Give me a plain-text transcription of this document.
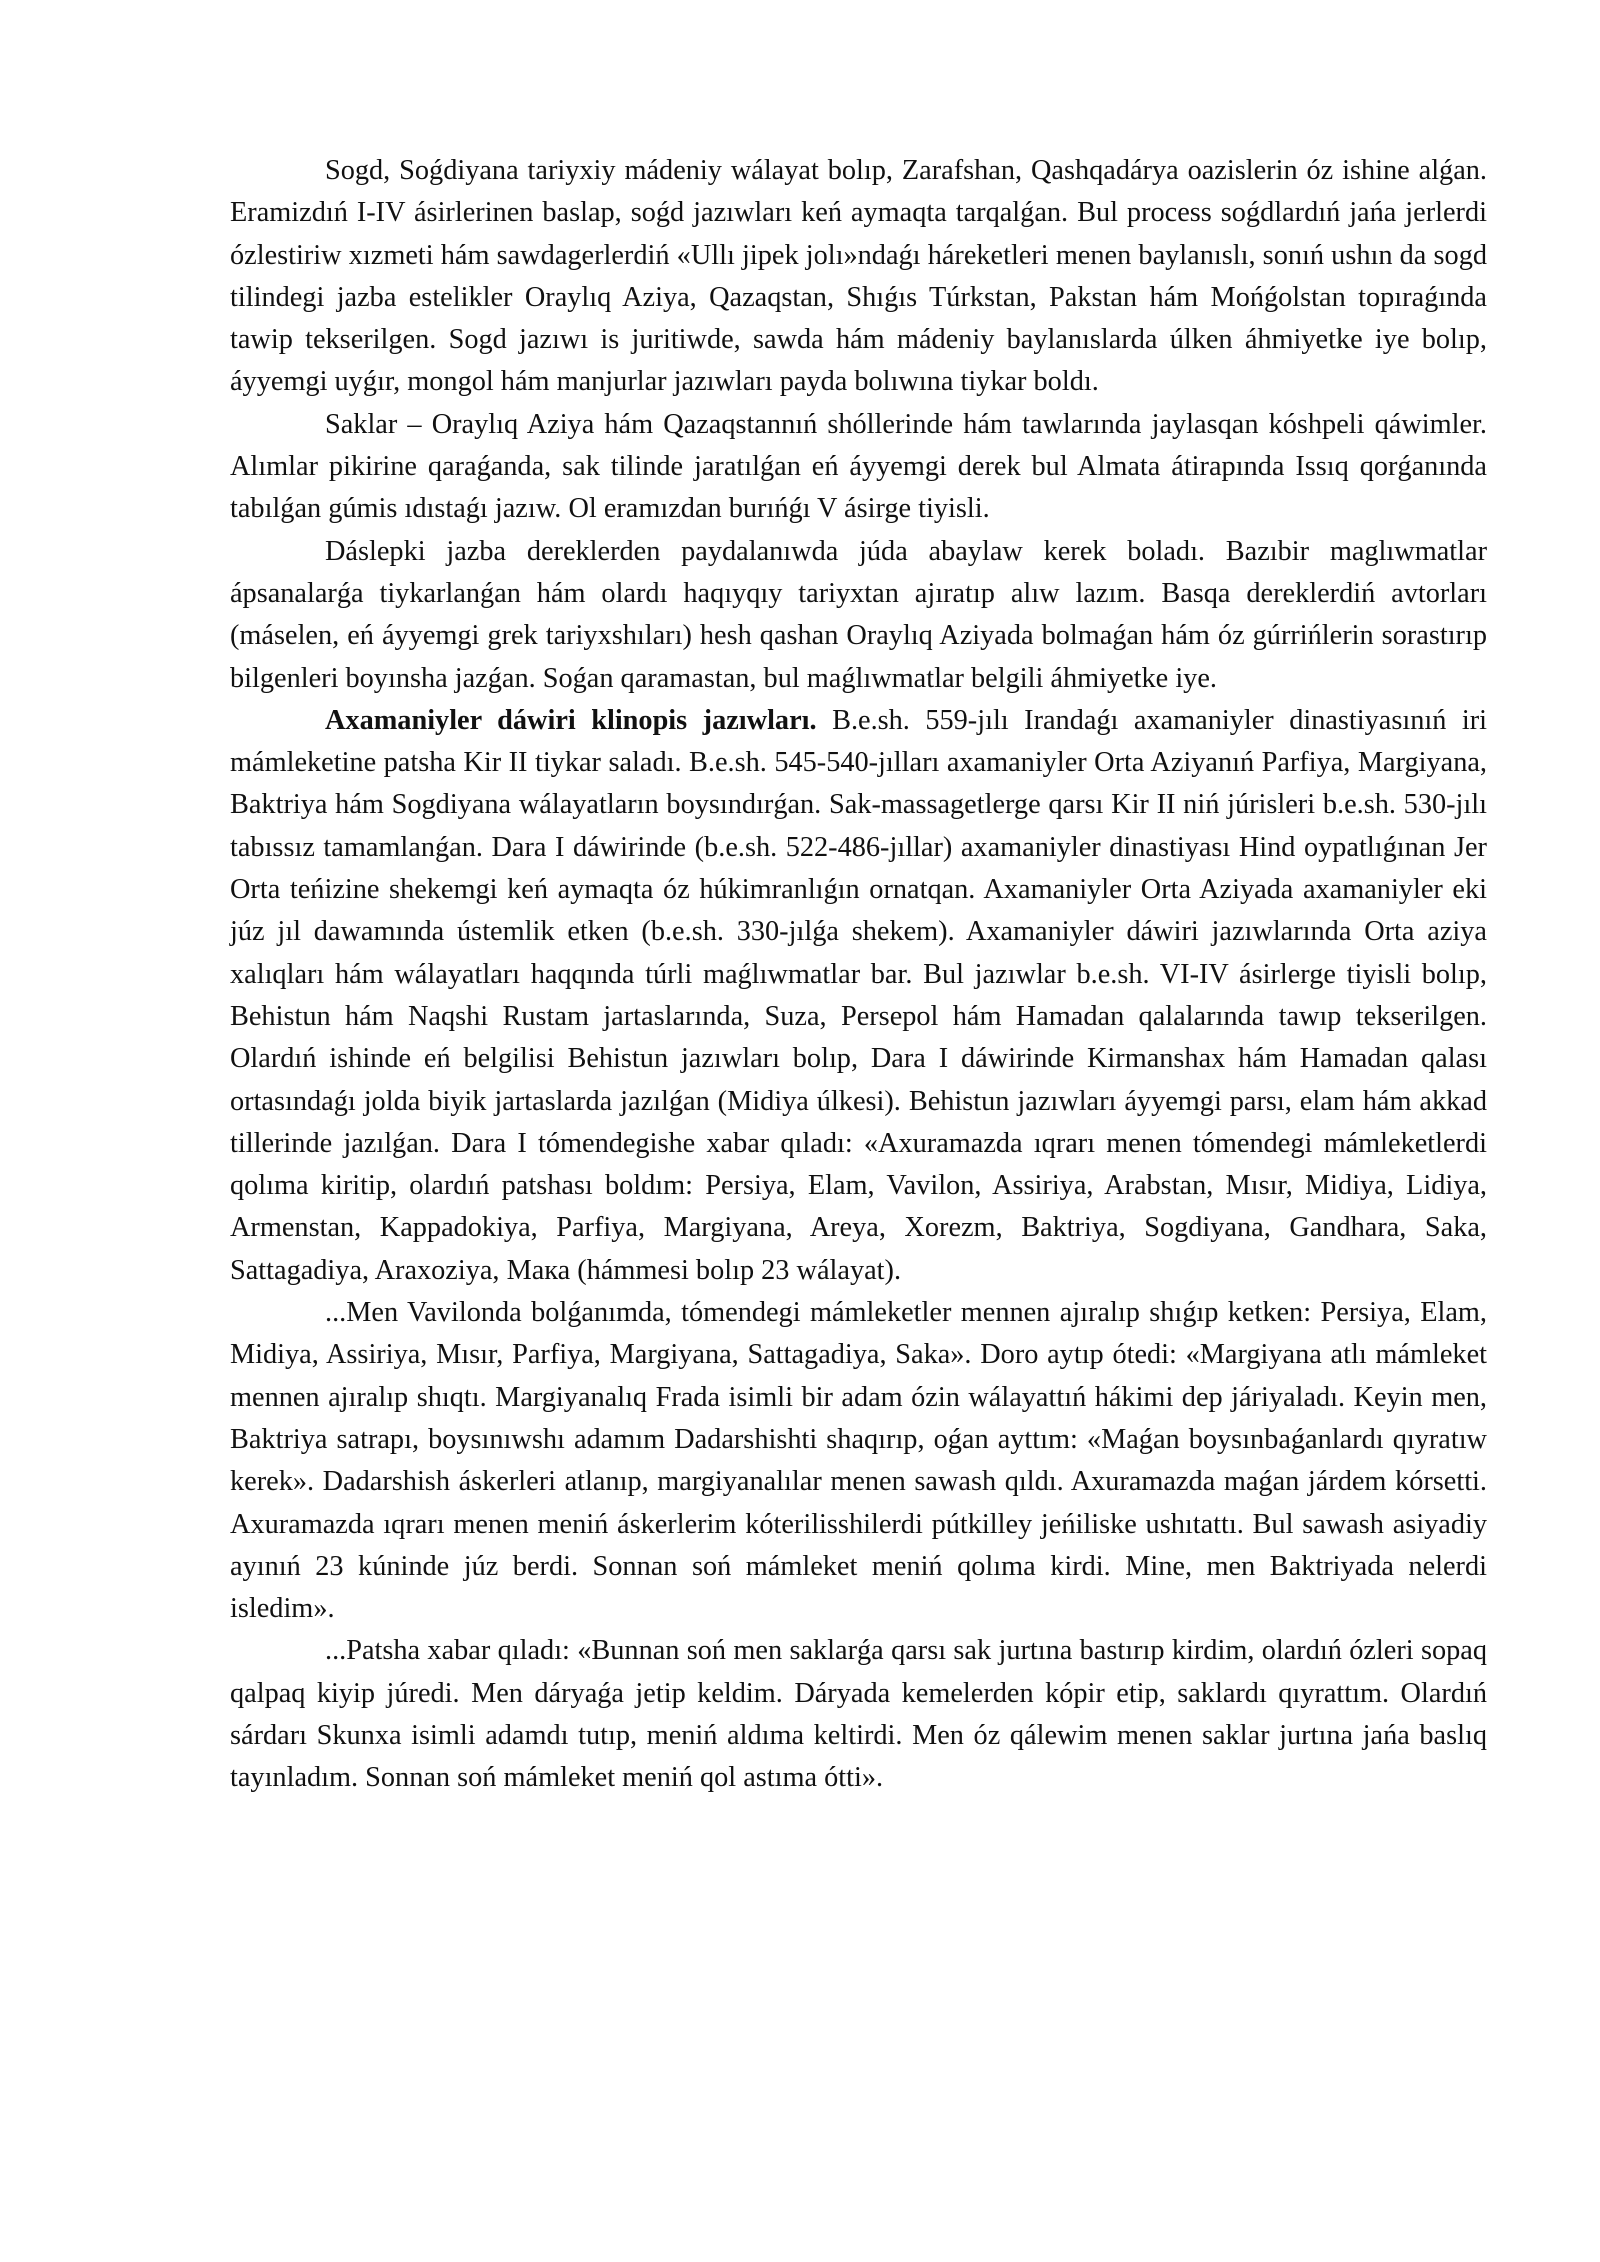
Sogd, Soǵdiyana tariyxiy mádeniy wálayat bolıp, Zarafshan, Qashqadárya oazislerin óz ishine alǵan. Eramizdıń I-IV ásirlerinen baslap, soǵd jazıwları keń aymaqta tarqalǵan. Bul process soǵdlardıń jańa jerlerdi ózlestiriw xızmeti hám sawdagerlerdiń «Ullı jipek jolı»ndaǵı háreketleri menen baylanıslı, sonıń ushın da sogd tilindegi jazba estelikler Oraylıq Aziya, Qazaqstan, Shıǵıs Túrkstan, Pakstan hám Mońǵolstan topıraǵında tawip tekserilgen. Sogd jazıwı is juritiwde, sawda hám mádeniy baylanıslarda úlken áhmiyetke iye bolıp, áyyemgi uyǵır, mongol hám manjurlar jazıwları payda bolıwına tiykar boldı.

Saklar – Oraylıq Aziya hám Qazaqstannıń shóllerinde hám tawlarında jaylasqan kóshpeli qáwimler. Alımlar pikirine qaraǵanda, sak tilinde jaratılǵan eń áyyemgi derek bul Almata átirapında Issıq qorǵanında tabılǵan gúmis ıdıstaǵı jazıw. Ol eramızdan burıńǵı V ásirge tiyisli.

Dáslepki jazba dereklerden paydalanıwda júda abaylaw kerek boladı. Bazıbir maglıwmatlar ápsanalarǵa tiykarlanǵan hám olardı haqıyqıy tariyxtan ajıratıp alıw lazım. Basqa dereklerdiń avtorları (máselen, eń áyyemgi grek tariyxshıları) hesh qashan Oraylıq Aziyada bolmaǵan hám óz gúrrińlerin sorastırıp bilgenleri boyınsha jazǵan. Soǵan qaramastan, bul maǵlıwmatlar belgili áhmiyetke iye.

Axamaniyler dáwiri klinopis jazıwları. B.e.sh. 559-jılı Irandaǵı axamaniyler dinastiyasınıń iri mámleketine patsha Kir II tiykar saladı. B.e.sh. 545-540-jılları axamaniyler Orta Aziyanıń Parfiya, Margiyana, Baktriya hám Sogdiyana wálayatların boysındırǵan. Sak-massagetlerge qarsı Kir II niń júrisleri b.e.sh. 530-jılı tabıssız tamamlanǵan. Dara I dáwirinde (b.e.sh. 522-486-jıllar) axamaniyler dinastiyası Hind oypatlıǵınan Jer Orta teńizine shekemgi keń aymaqta óz húkimranlıǵın ornatqan. Axamaniyler Orta Aziyada axamaniyler eki júz jıl dawamında ústemlik etken (b.e.sh. 330-jılǵa shekem). Axamaniyler dáwiri jazıwlarında Orta aziya xalıqları hám wálayatları haqqında túrli maǵlıwmatlar bar. Bul jazıwlar b.e.sh. VI-IV ásirlerge tiyisli bolıp, Behistun hám Naqshi Rustam jartaslarında, Suza, Persepol hám Hamadan qalalarında tawıp tekserilgen. Olardıń ishinde eń belgilisi Behistun jazıwları bolıp, Dara I dáwirinde Kirmanshax hám Hamadan qalası ortasındaǵı jolda biyik jartaslarda jazılǵan (Midiya úlkesi). Behistun jazıwları áyyemgi parsı, elam hám akkad tillerinde jazılǵan. Dara I tómendegishe xabar qıladı: «Axuramazda ıqrarı menen tómendegi mámleketlerdi qolıma kiritip, olardıń patshası boldım: Persiya, Elam, Vavilon, Assiriya, Arabstan, Mısır, Midiya, Lidiya, Armenstan, Kappadokiya, Parfiya, Margiyana, Areya, Xorezm, Baktriya, Sogdiyana, Gandhara, Saka, Sattagadiya, Araxoziya, Maка (hámmesi bolıp 23 wálayat).

...Men Vavilonda bolǵanımda, tómendegi mámleketler mennen ajıralıp shıǵıp ketken: Persiya, Elam, Midiya, Assiriya, Mısır, Parfiya, Margiyana, Sattagadiya, Saka». Doro aytıp ótedi: «Margiyana atlı mámleket mennen ajıralıp shıqtı. Margiyanalıq Frada isimli bir adam ózin wálayattıń hákimi dep járiyaladı. Keyin men, Baktriya satrapı, boysınıwshı adamım Dadarshishti shaqırıp, oǵan ayttım: «Maǵan boysınbaǵanlardı qıyratıw kerek». Dadarshish áskerleri atlanıp, margiyanalılar menen sawash qıldı. Axuramazda maǵan járdem kórsetti. Axuramazda ıqrarı menen meniń áskerlerim kóterilisshilerdi pútkilley jeńiliske ushıtattı. Bul sawash asiyadiy ayınıń 23 kúninde júz berdi. Sonnan soń mámleket meniń qolıma kirdi. Mine, men Baktriyada nelerdi isledim».

...Patsha xabar qıladı: «Bunnan soń men saklarǵa qarsı sak jurtına bastırıp kirdim, olardıń ózleri sopaq qalpaq kiyip júredi. Men dáryaǵa jetip keldim. Dáryada kemelerden kópir etip, saklardı qıyrattım. Olardıń sárdarı Skunxa isimli adamdı tutıp, meniń aldıma keltirdi. Men óz qálewim menen saklar jurtına jańa baslıq tayınladım. Sonnan soń mámleket meniń qol astıma ótti».
